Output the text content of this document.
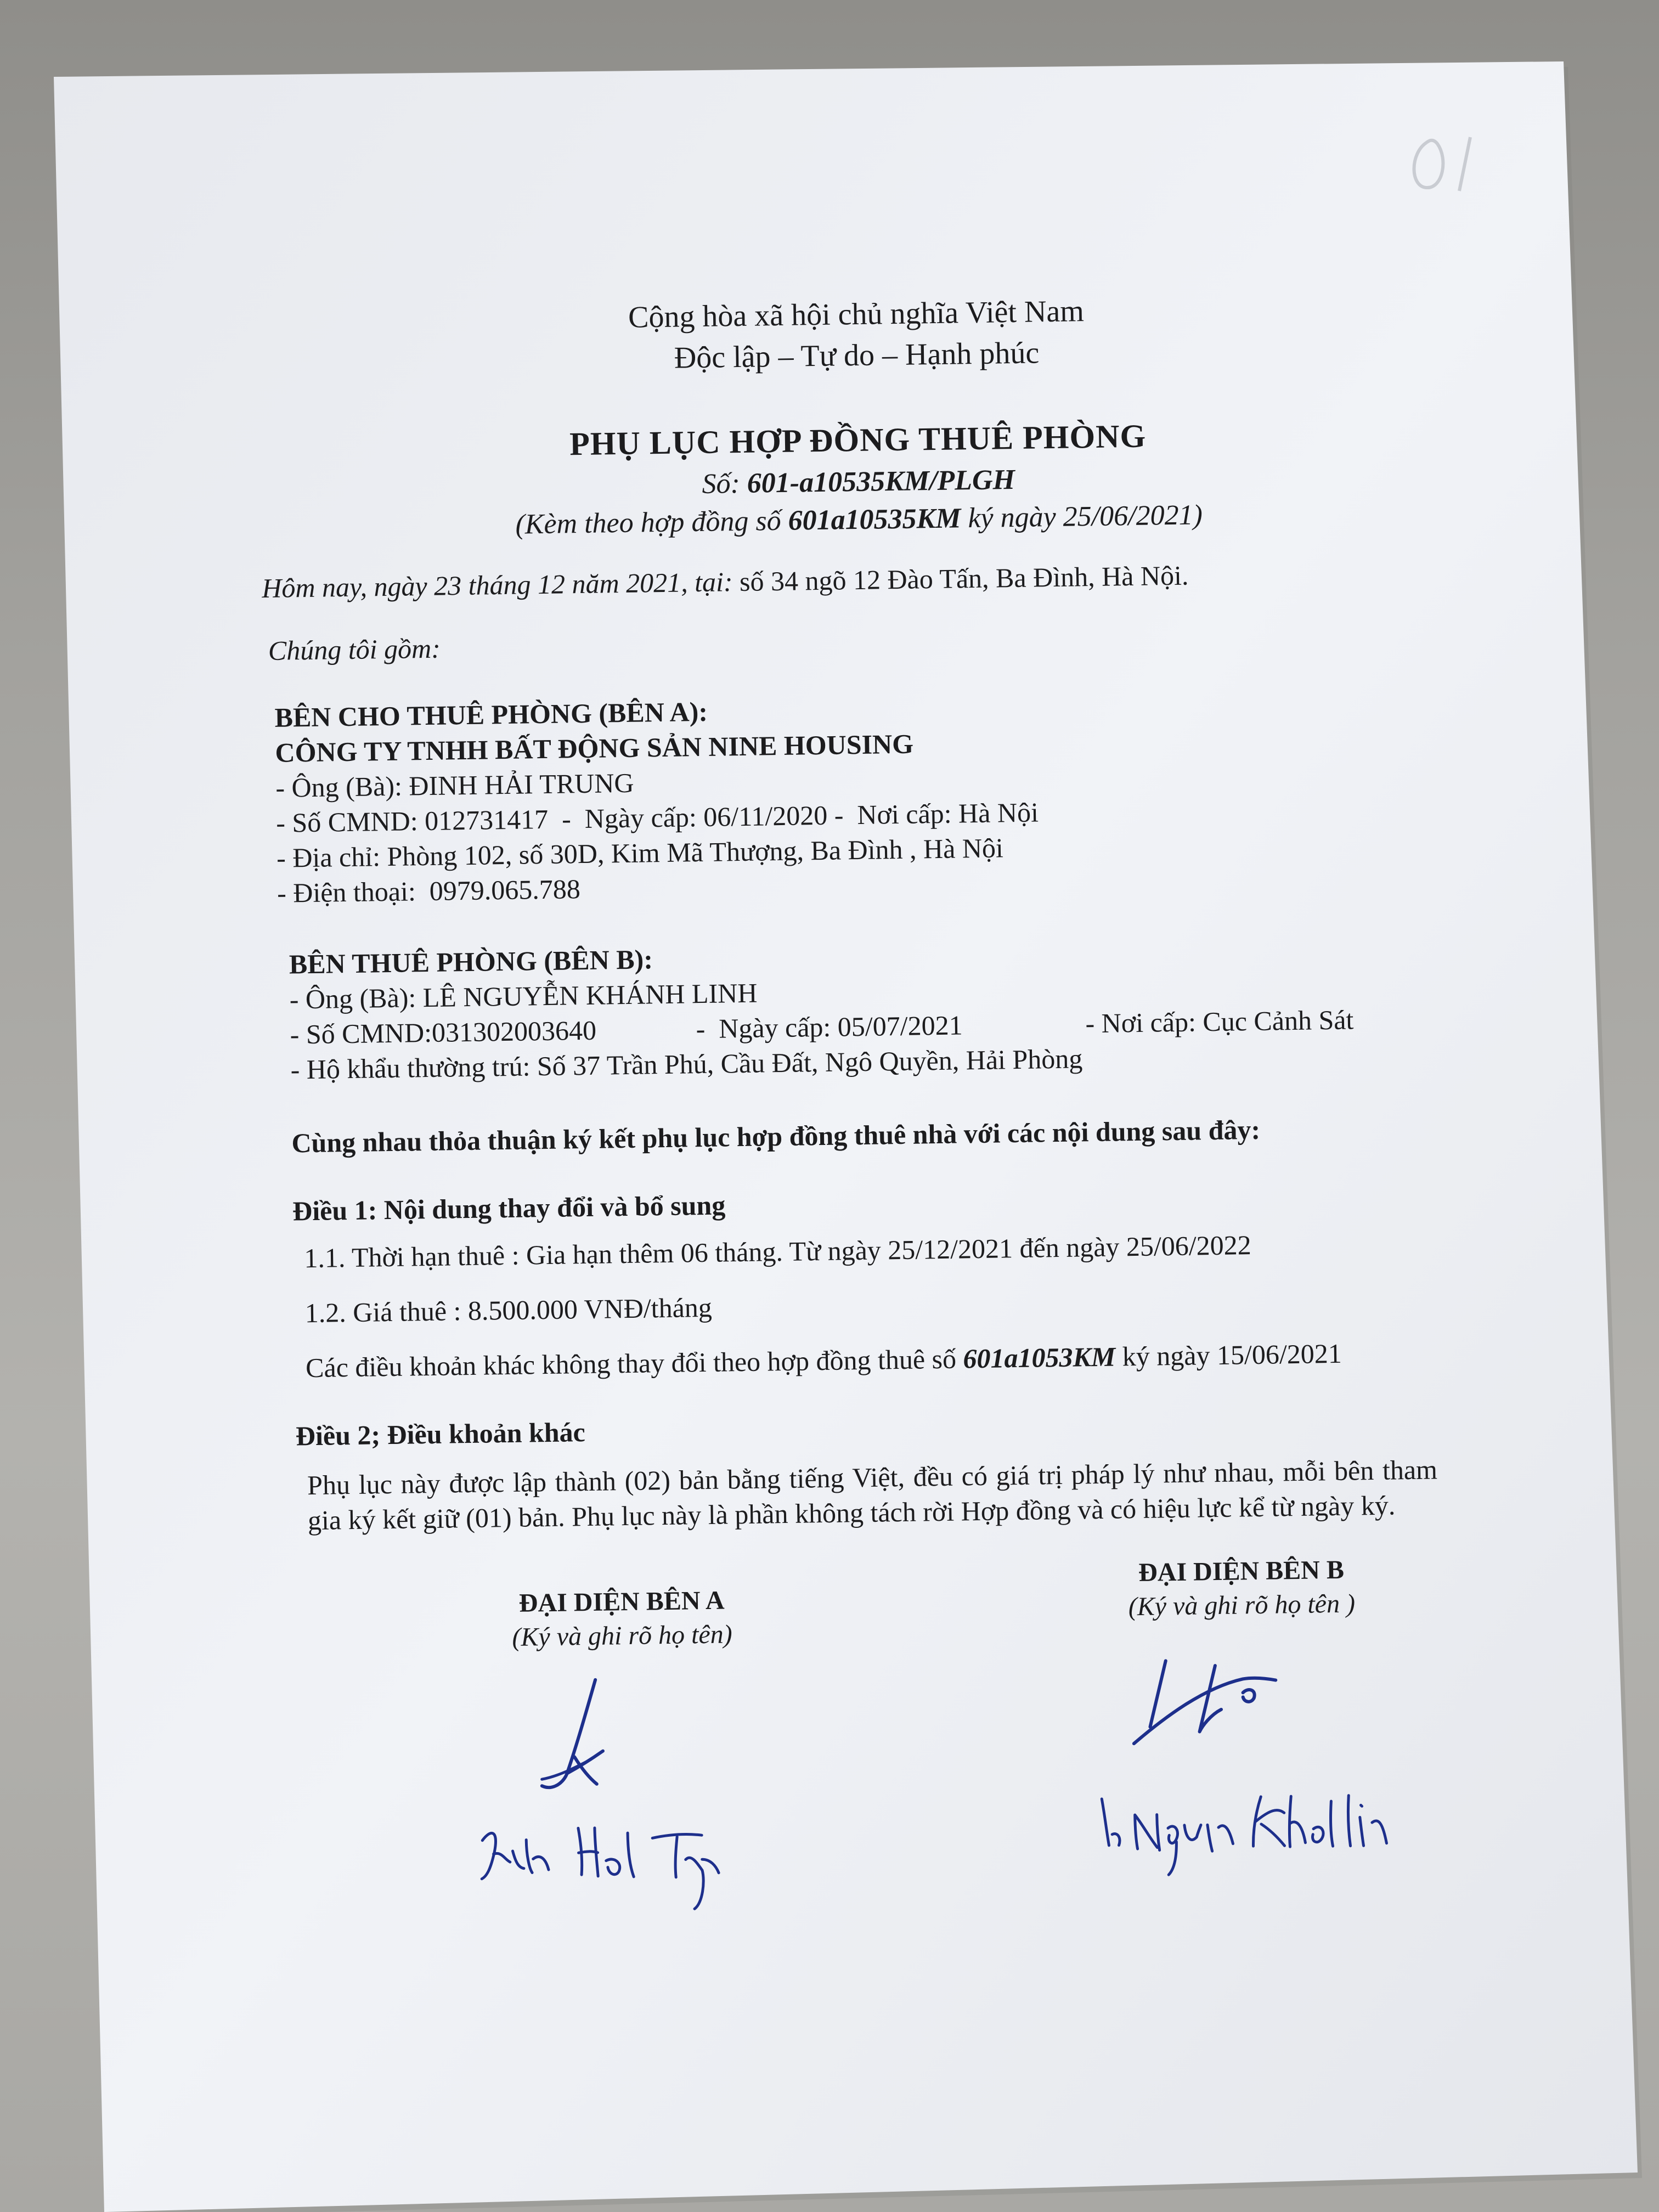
Cộng hòa xã hội chủ nghĩa Việt Nam
Độc lập – Tự do – Hạnh phúc
PHỤ LỤC HỢP ĐỒNG THUÊ PHÒNG
Số: 601-a10535KM/PLGH
(Kèm theo hợp đồng số 601a10535KM ký ngày 25/06/2021)
Hôm nay, ngày 23 tháng 12 năm 2021, tại: số 34 ngõ 12 Đào Tấn, Ba Đình, Hà Nội.
Chúng tôi gồm:
BÊN CHO THUÊ PHÒNG (BÊN A):
CÔNG TY TNHH BẤT ĐỘNG SẢN NINE HOUSING
- Ông (Bà): ĐINH HẢI TRUNG
- Số CMND: 012731417  -  Ngày cấp: 06/11/2020 -  Nơi cấp: Hà Nội
- Địa chỉ: Phòng 102, số 30D, Kim Mã Thượng, Ba Đình , Hà Nội
- Điện thoại:  0979.065.788
BÊN THUÊ PHÒNG (BÊN B):
- Ông (Bà): LÊ NGUYỄN KHÁNH LINH
- Số CMND:031302003640	-  Ngày cấp: 05/07/2021	- Nơi cấp: Cục Cảnh Sát
- Hộ khẩu thường trú: Số 37 Trần Phú, Cầu Đất, Ngô Quyền, Hải Phòng
Cùng nhau thỏa thuận ký kết phụ lục hợp đồng thuê nhà với các nội dung sau đây:
Điều 1: Nội dung thay đổi và bổ sung
1.1. Thời hạn thuê : Gia hạn thêm 06 tháng. Từ ngày 25/12/2021 đến ngày 25/06/2022
1.2. Giá thuê : 8.500.000 VNĐ/tháng
Các điều khoản khác không thay đổi theo hợp đồng thuê số 601a1053KM ký ngày 15/06/2021
Điều 2; Điều khoản khác
Phụ lục này được lập thành (02) bản bằng tiếng Việt, đều có giá trị pháp lý như nhau, mỗi bên tham gia ký kết giữ (01) bản. Phụ lục này là phần không tách rời Hợp đồng và có hiệu lực kể từ ngày ký.
ĐẠI DIỆN BÊN A
(Ký và ghi rõ họ tên)
ĐẠI DIỆN BÊN B
(Ký và ghi rõ họ tên )
